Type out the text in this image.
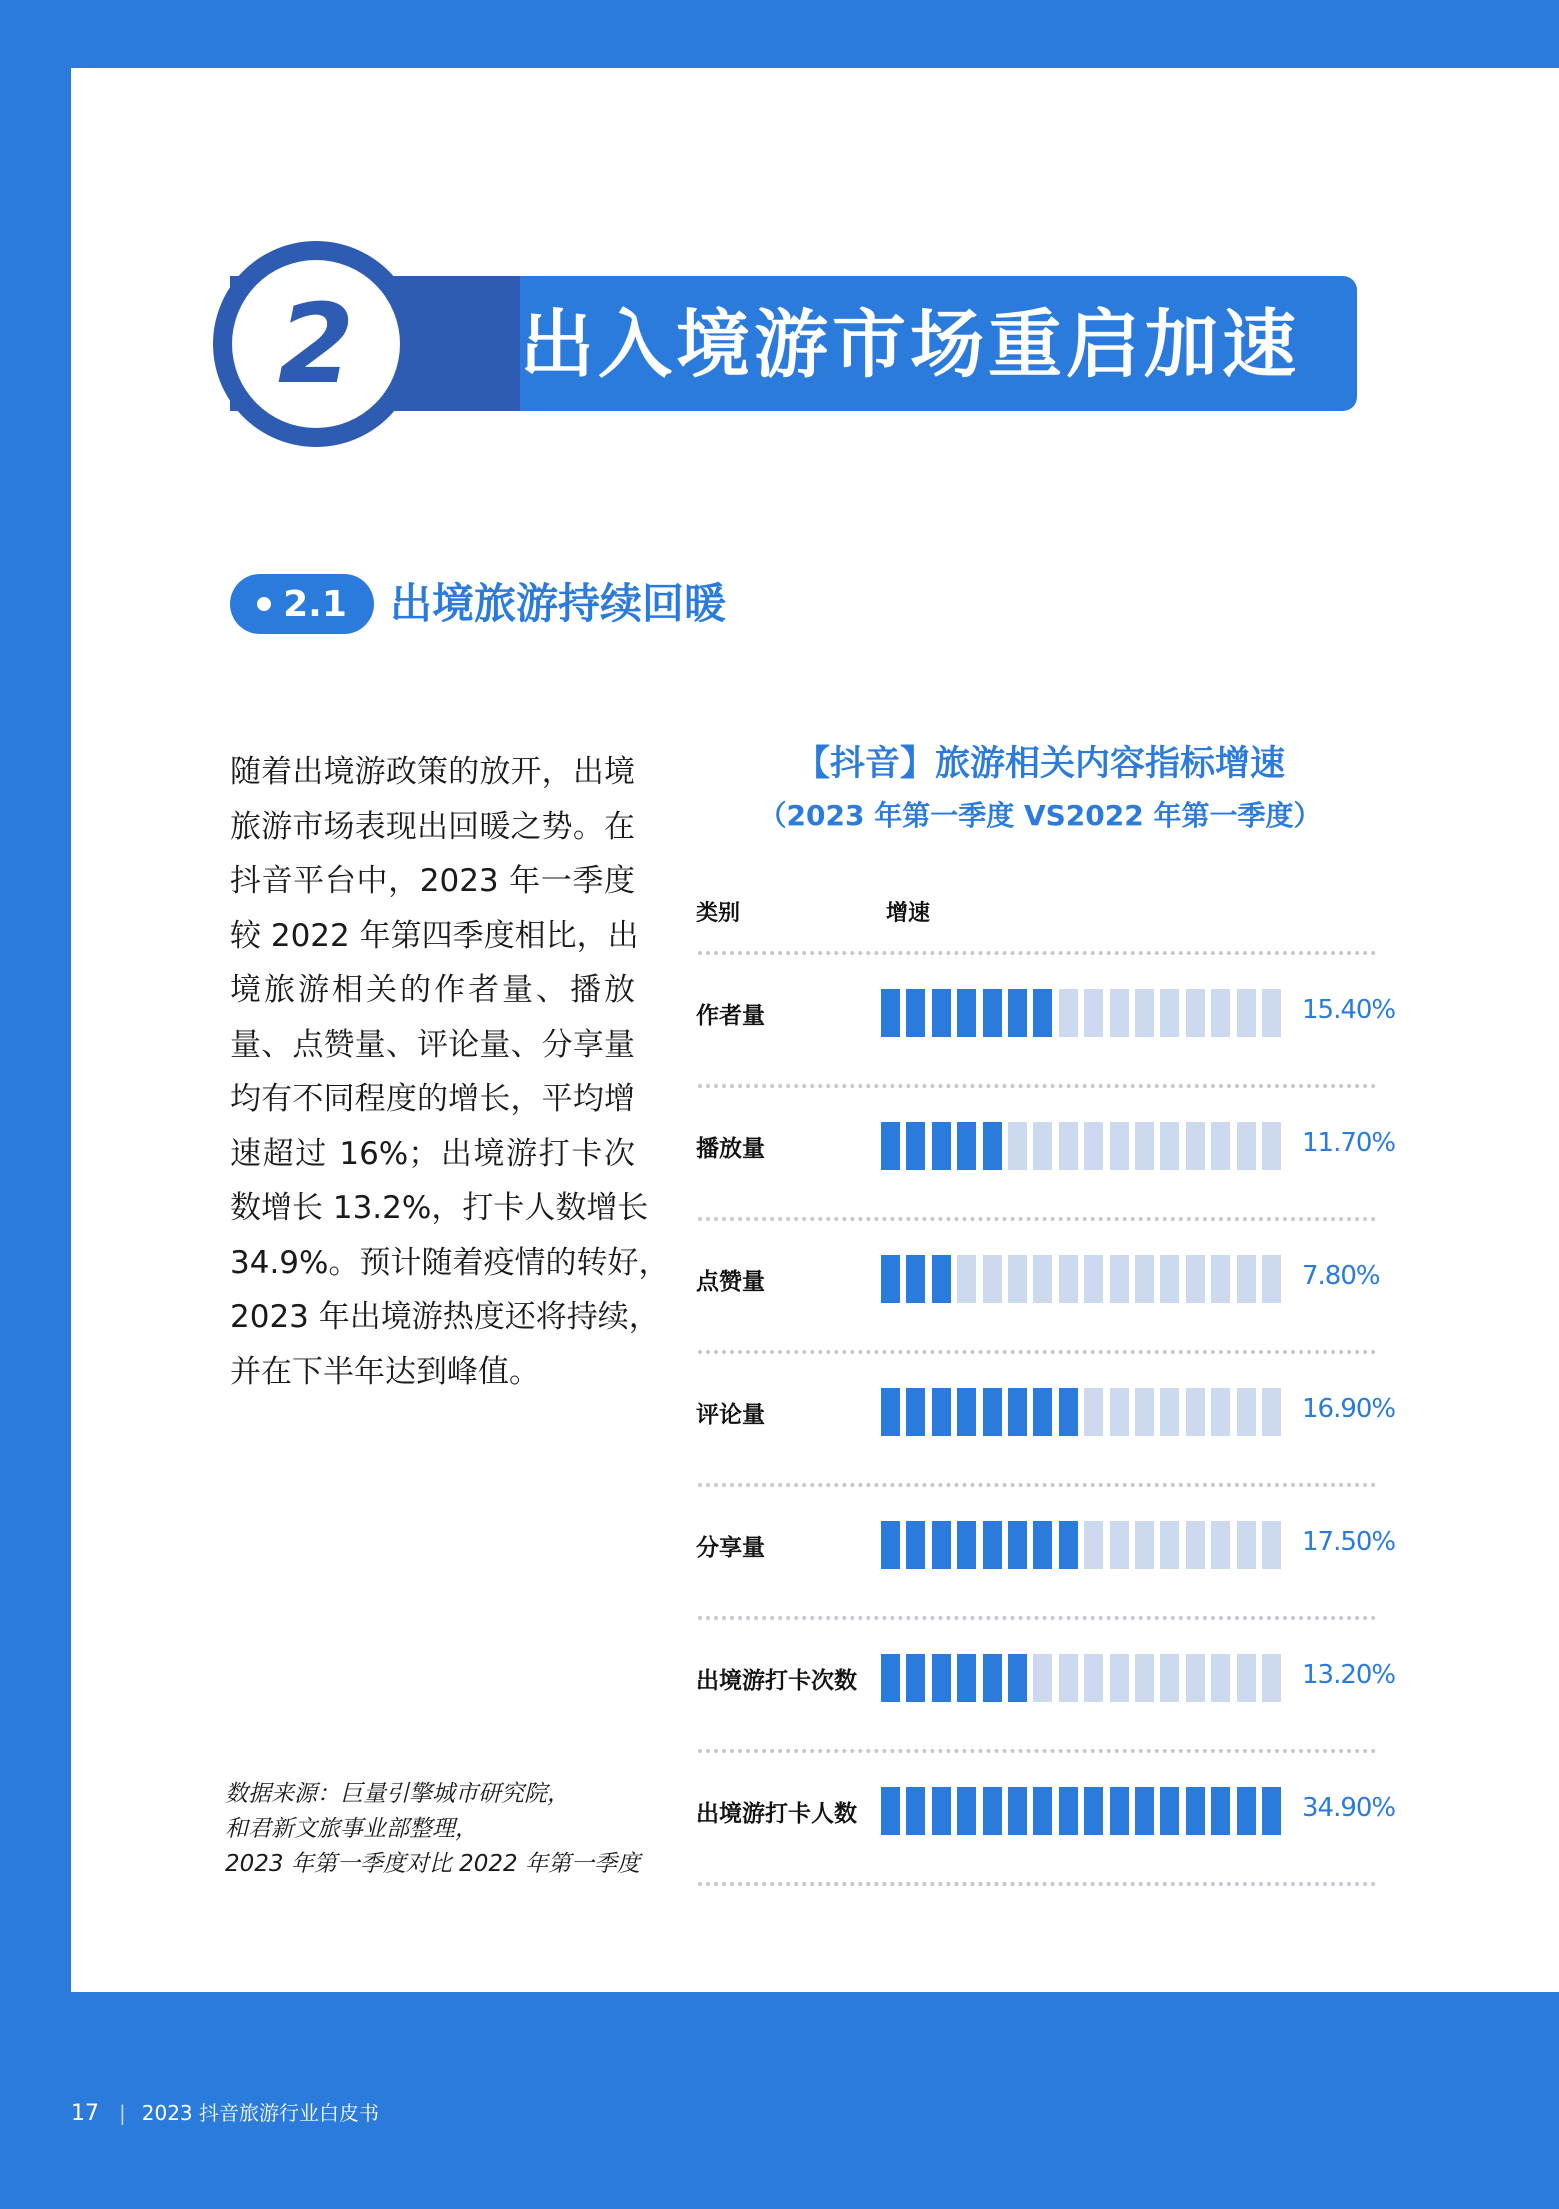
2 出入境游市场重启加速
2.1 出境旅游持续回暖
随着出境游政策的放开，出境
旅游市场表现出回暖之势。在
抖音平台中，2023 年一季度
较 2022 年第四季度相比，出
境旅游相关的作者量、播放
量、点赞量、评论量、分享量
均有不同程度的增长，平均增
速超过 16%；出境游打卡次
数增长 13.2%，打卡人数增长
34.9%。预计随着疫情的转好，
2023 年出境游热度还将持续，
并在下半年达到峰值。
数据来源：巨量引擎城市研究院，
和君新文旅事业部整理，
2023 年第一季度对比 2022 年第一季度
【抖音】旅游相关内容指标增速
（2023 年第一季度 VS2022 年第一季度）
类别	增速
作者量	15.40%
播放量	11.70%
点赞量	7.80%
评论量	16.90%
分享量	17.50%
出境游打卡次数	13.20%
出境游打卡人数	34.90%
17 | 2023 抖音旅游行业白皮书
